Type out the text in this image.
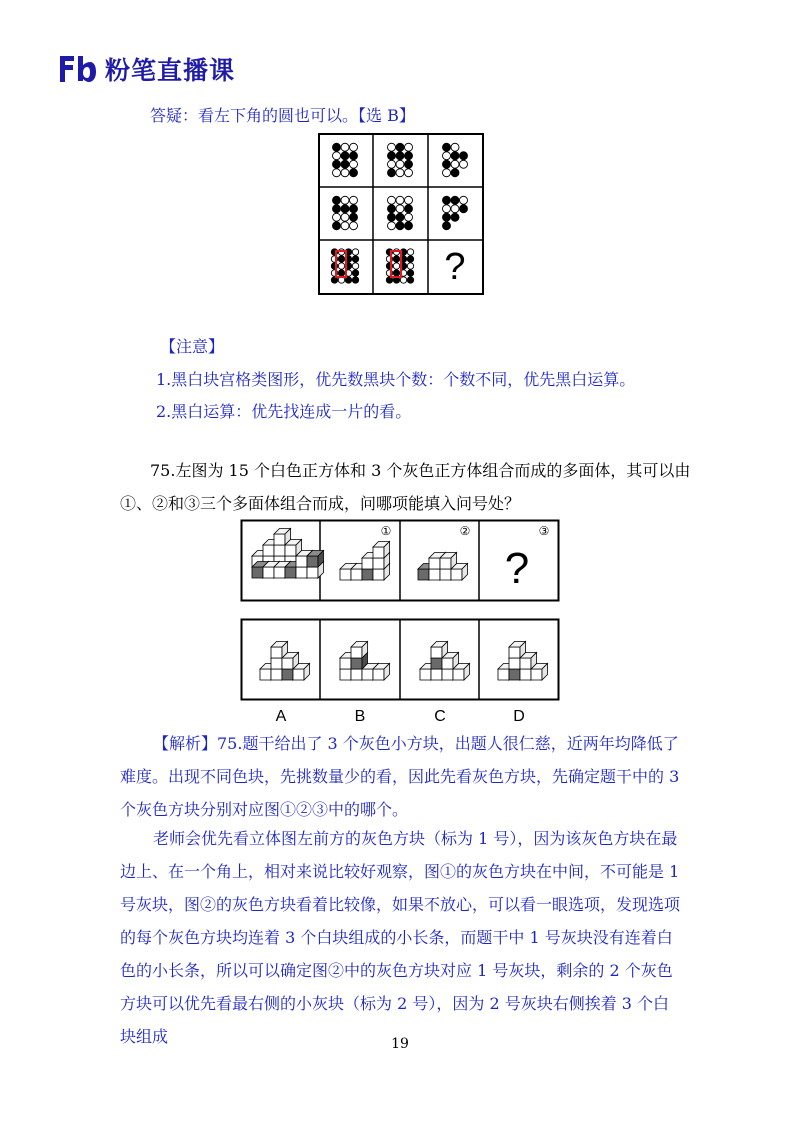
粉笔直播课
答疑：看左下角的圆也可以。【选 B】
?
【注意】
1.黑白块宫格类图形，优先数黑块个数：个数不同，优先黑白运算。
2.黑白运算：优先找连成一片的看。
75.左图为 15 个白色正方体和 3 个灰色正方体组合而成的多面体，其可以由
①、②和③三个多面体组合而成，问哪项能填入问号处？
①	②	③
?
A	B	C	D

【解析】75.题干给出了 3 个灰色小方块，出题人很仁慈，近两年均降低了难度。出现不同色块，先挑数量少的看，因此先看灰色方块，先确定题干中的 3 个灰色方块分别对应图①②③中的哪个。

老师会优先看立体图左前方的灰色方块（标为 1 号），因为该灰色方块在最边上、在一个角上，相对来说比较好观察，图①的灰色方块在中间，不可能是 1 号灰块，图②的灰色方块看着比较像，如果不放心，可以看一眼选项，发现选项的每个灰色方块均连着 3 个白块组成的小长条，而题干中 1 号灰块没有连着白色的小长条，所以可以确定图②中的灰色方块对应 1 号灰块，剩余的 2 个灰色方块可以优先看最右侧的小灰块（标为 2 号），因为 2 号灰块右侧挨着 3 个白块组成	19
